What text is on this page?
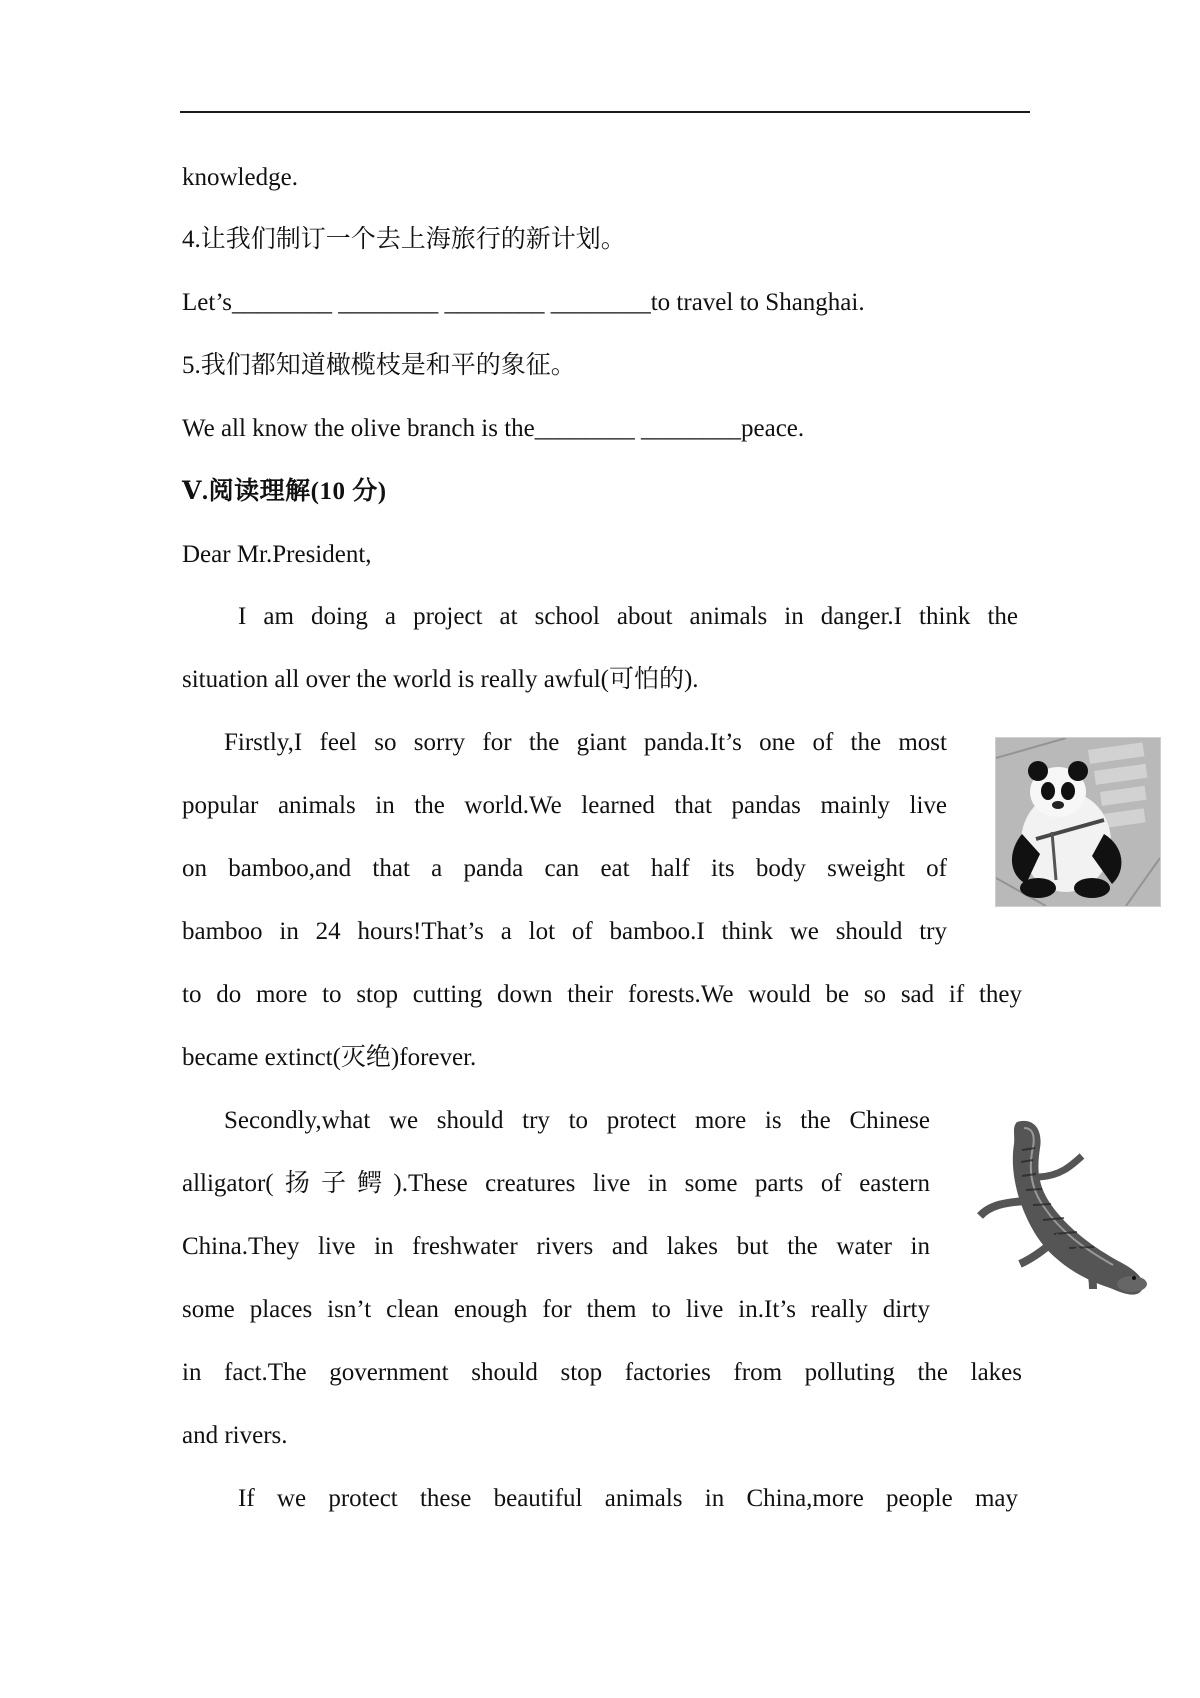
knowledge.
4.让我们制订一个去上海旅行的新计划。
Let’s________ ________ ________ ________to travel to Shanghai.
5.我们都知道橄榄枝是和平的象征。
We all know the olive branch is the________ ________peace.
Ⅴ.阅读理解(10 分)
Dear Mr.President,
I am doing a project at school about animals in danger.I think the
situation all over the world is really awful(可怕的).
Firstly,I feel so sorry for the giant panda.It’s one of the most
popular animals in the world.We learned that pandas mainly live
on bamboo,and that a panda can eat half its body sweight of
bamboo in 24 hours!That’s a lot of bamboo.I think we should try
to do more to stop cutting down their forests.We would be so sad if they
became extinct(灭绝)forever.
Secondly,what we should try to protect more is the Chinese
alligator(扬子鳄).These creatures live in some parts of eastern
China.They live in freshwater rivers and lakes but the water in
some places isn’t clean enough for them to live in.It’s really dirty
in fact.The government should stop factories from polluting the lakes
and rivers.
If we protect these beautiful animals in China,more people may
